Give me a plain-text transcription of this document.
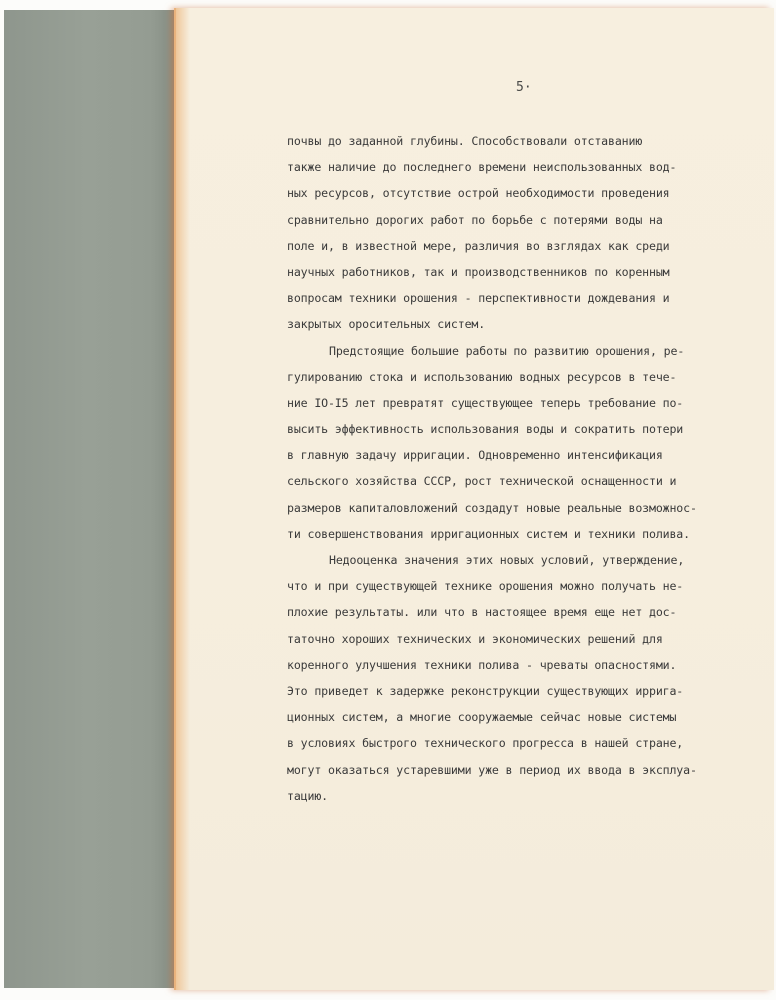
5·

почвы до заданной глубины. Способствовали отставанию
также наличие до последнего времени неиспользованных вод-
ных ресурсов, отсутствие острой необходимости проведения
сравнительно дорогих работ по борьбе с потерями воды на
поле и, в известной мере, различия во взглядах как среди
научных работников, так и производственников по коренным
вопросам техники орошения - перспективности дождевания и
закрытых оросительных систем.
Предстоящие большие работы по развитию орошения, ре-
гулированию стока и использованию водных ресурсов в тече-
ние IO-I5 лет превратят существующее теперь требование по-
высить эффективность использования воды и сократить потери
в главную задачу ирригации. Одновременно интенсификация
сельского хозяйства СССР, рост технической оснащенности и
размеров капиталовложений создадут новые реальные возможнос-
ти совершенствования ирригационных систем и техники полива.
Недооценка значения этих новых условий, утверждение,
что и при существующей технике орошения можно получать не-
плохие результаты. или что в настоящее время еще нет дос-
таточно хороших технических и экономических решений для
коренного улучшения техники полива - чреваты опасностями.
Это приведет к задержке реконструкции существующих ирригa-
ционных систем, а многие сооружаемые сейчас новые системы
в условиях быстрого технического прогресса в нашей стране,
могут оказаться устаревшими уже в период их ввода в эксплуа-
тацию.
